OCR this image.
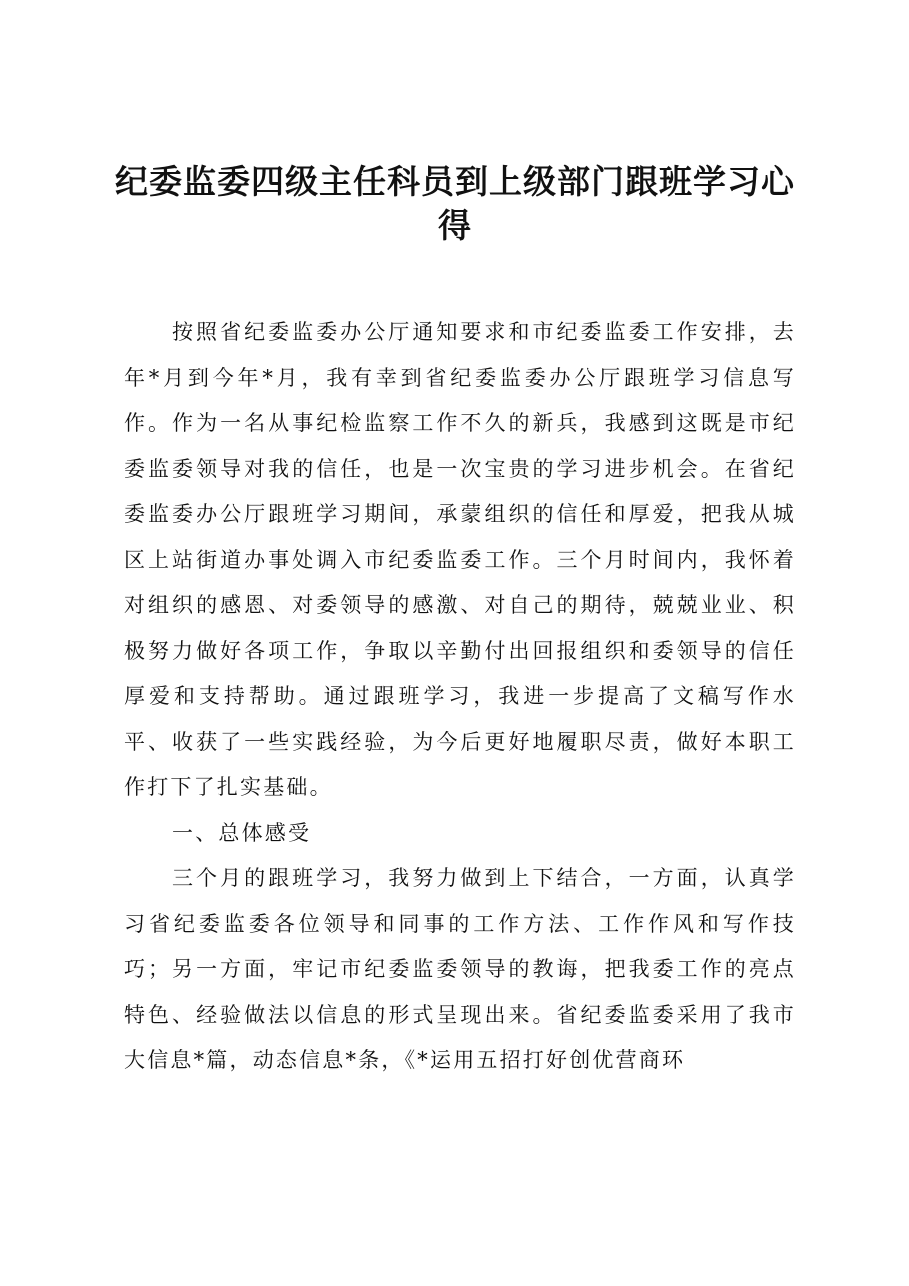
纪委监委四级主任科员到上级部门跟班学习心得

按照省纪委监委办公厅通知要求和市纪委监委工作安排，去年*月到今年*月，我有幸到省纪委监委办公厅跟班学习信息写作。作为一名从事纪检监察工作不久的新兵，我感到这既是市纪委监委领导对我的信任，也是一次宝贵的学习进步机会。在省纪委监委办公厅跟班学习期间，承蒙组织的信任和厚爱，把我从城区上站街道办事处调入市纪委监委工作。三个月时间内，我怀着对组织的感恩、对委领导的感激、对自己的期待，兢兢业业、积极努力做好各项工作，争取以辛勤付出回报组织和委领导的信任厚爱和支持帮助。通过跟班学习，我进一步提高了文稿写作水平、收获了一些实践经验，为今后更好地履职尽责，做好本职工作打下了扎实基础。

一、总体感受

三个月的跟班学习，我努力做到上下结合，一方面，认真学习省纪委监委各位领导和同事的工作方法、工作作风和写作技巧；另一方面，牢记市纪委监委领导的教诲，把我委工作的亮点特色、经验做法以信息的形式呈现出来。省纪委监委采用了我市大信息*篇，动态信息*条，《*运用五招打好创优营商环
